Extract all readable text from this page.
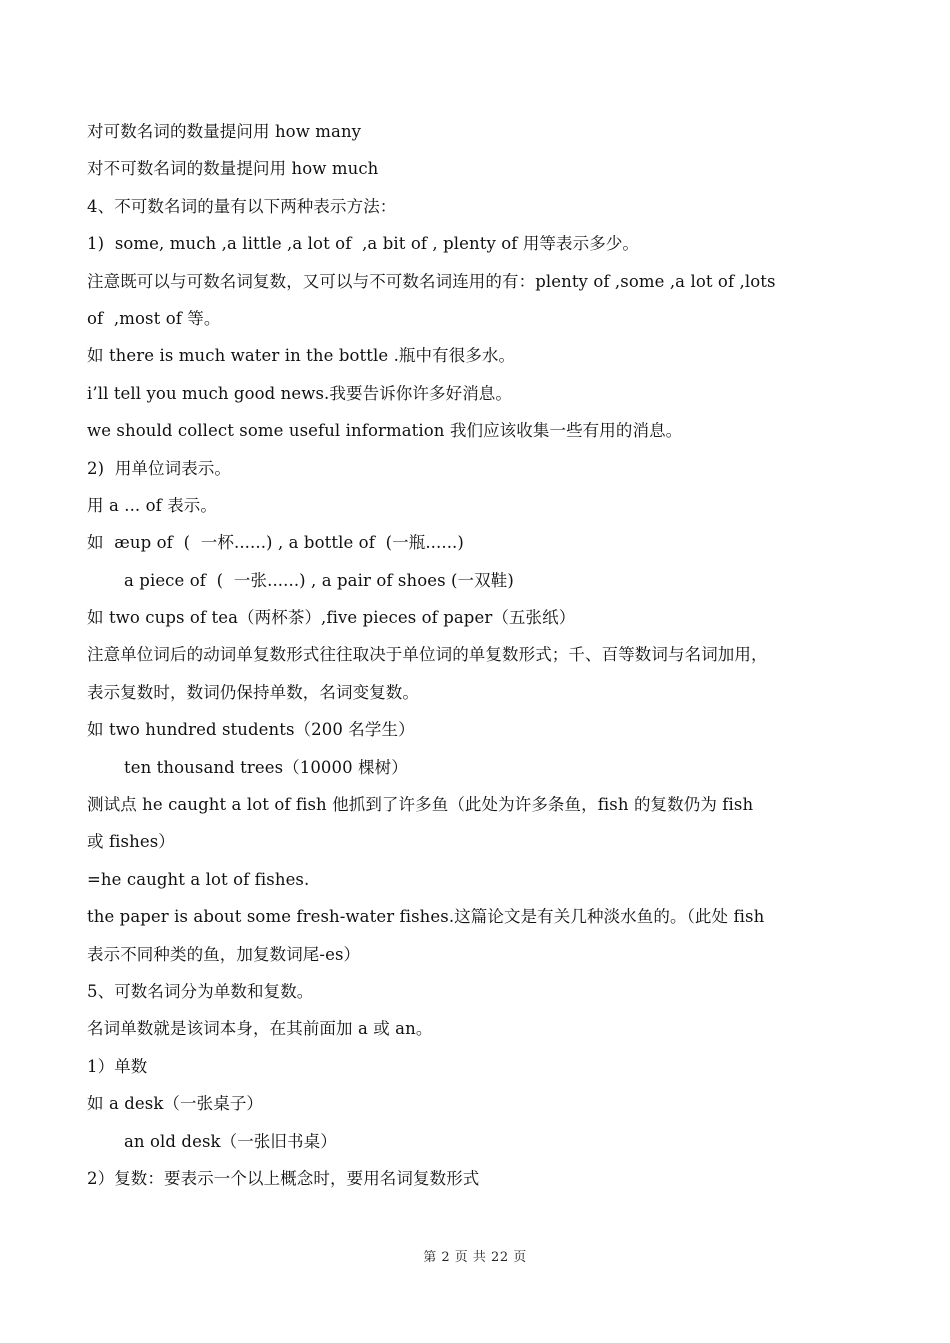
对可数名词的数量提问用 how many
对不可数名词的数量提问用 how much
4、不可数名词的量有以下两种表示方法：
1)  some, much ,a little ,a lot of  ,a bit of , plenty of 用等表示多少。
注意既可以与可数名词复数，又可以与不可数名词连用的有：plenty of ,some ,a lot of ,lots
of  ,most of 等。
如 there is much water in the bottle .瓶中有很多水。
i’ll tell you much good news.我要告诉你许多好消息。
we should collect some useful information 我们应该收集一些有用的消息。
2)  用单位词表示。
用 a ... of 表示。
如  æup of  (  一杯......) , a bottle of  (一瓶......)
a piece of  (  一张......) , a pair of shoes (一双鞋)
如 two cups of tea（两杯茶）,five pieces of paper（五张纸）
注意单位词后的动词单复数形式往往取决于单位词的单复数形式；千、百等数词与名词加用，
表示复数时，数词仍保持单数，名词变复数。
如 two hundred students（200 名学生）
ten thousand trees（10000 棵树）
测试点 he caught a lot of fish 他抓到了许多鱼（此处为许多条鱼，fish 的复数仍为 fish
或 fishes）
=he caught a lot of fishes.
the paper is about some fresh-water fishes.这篇论文是有关几种淡水鱼的。（此处 fish
表示不同种类的鱼，加复数词尾-es）
5、可数名词分为单数和复数。
名词单数就是该词本身，在其前面加 a 或 an。
1）单数
如 a desk（一张桌子）
an old desk（一张旧书桌）
2）复数：要表示一个以上概念时，要用名词复数形式
第 2 页 共 22 页
